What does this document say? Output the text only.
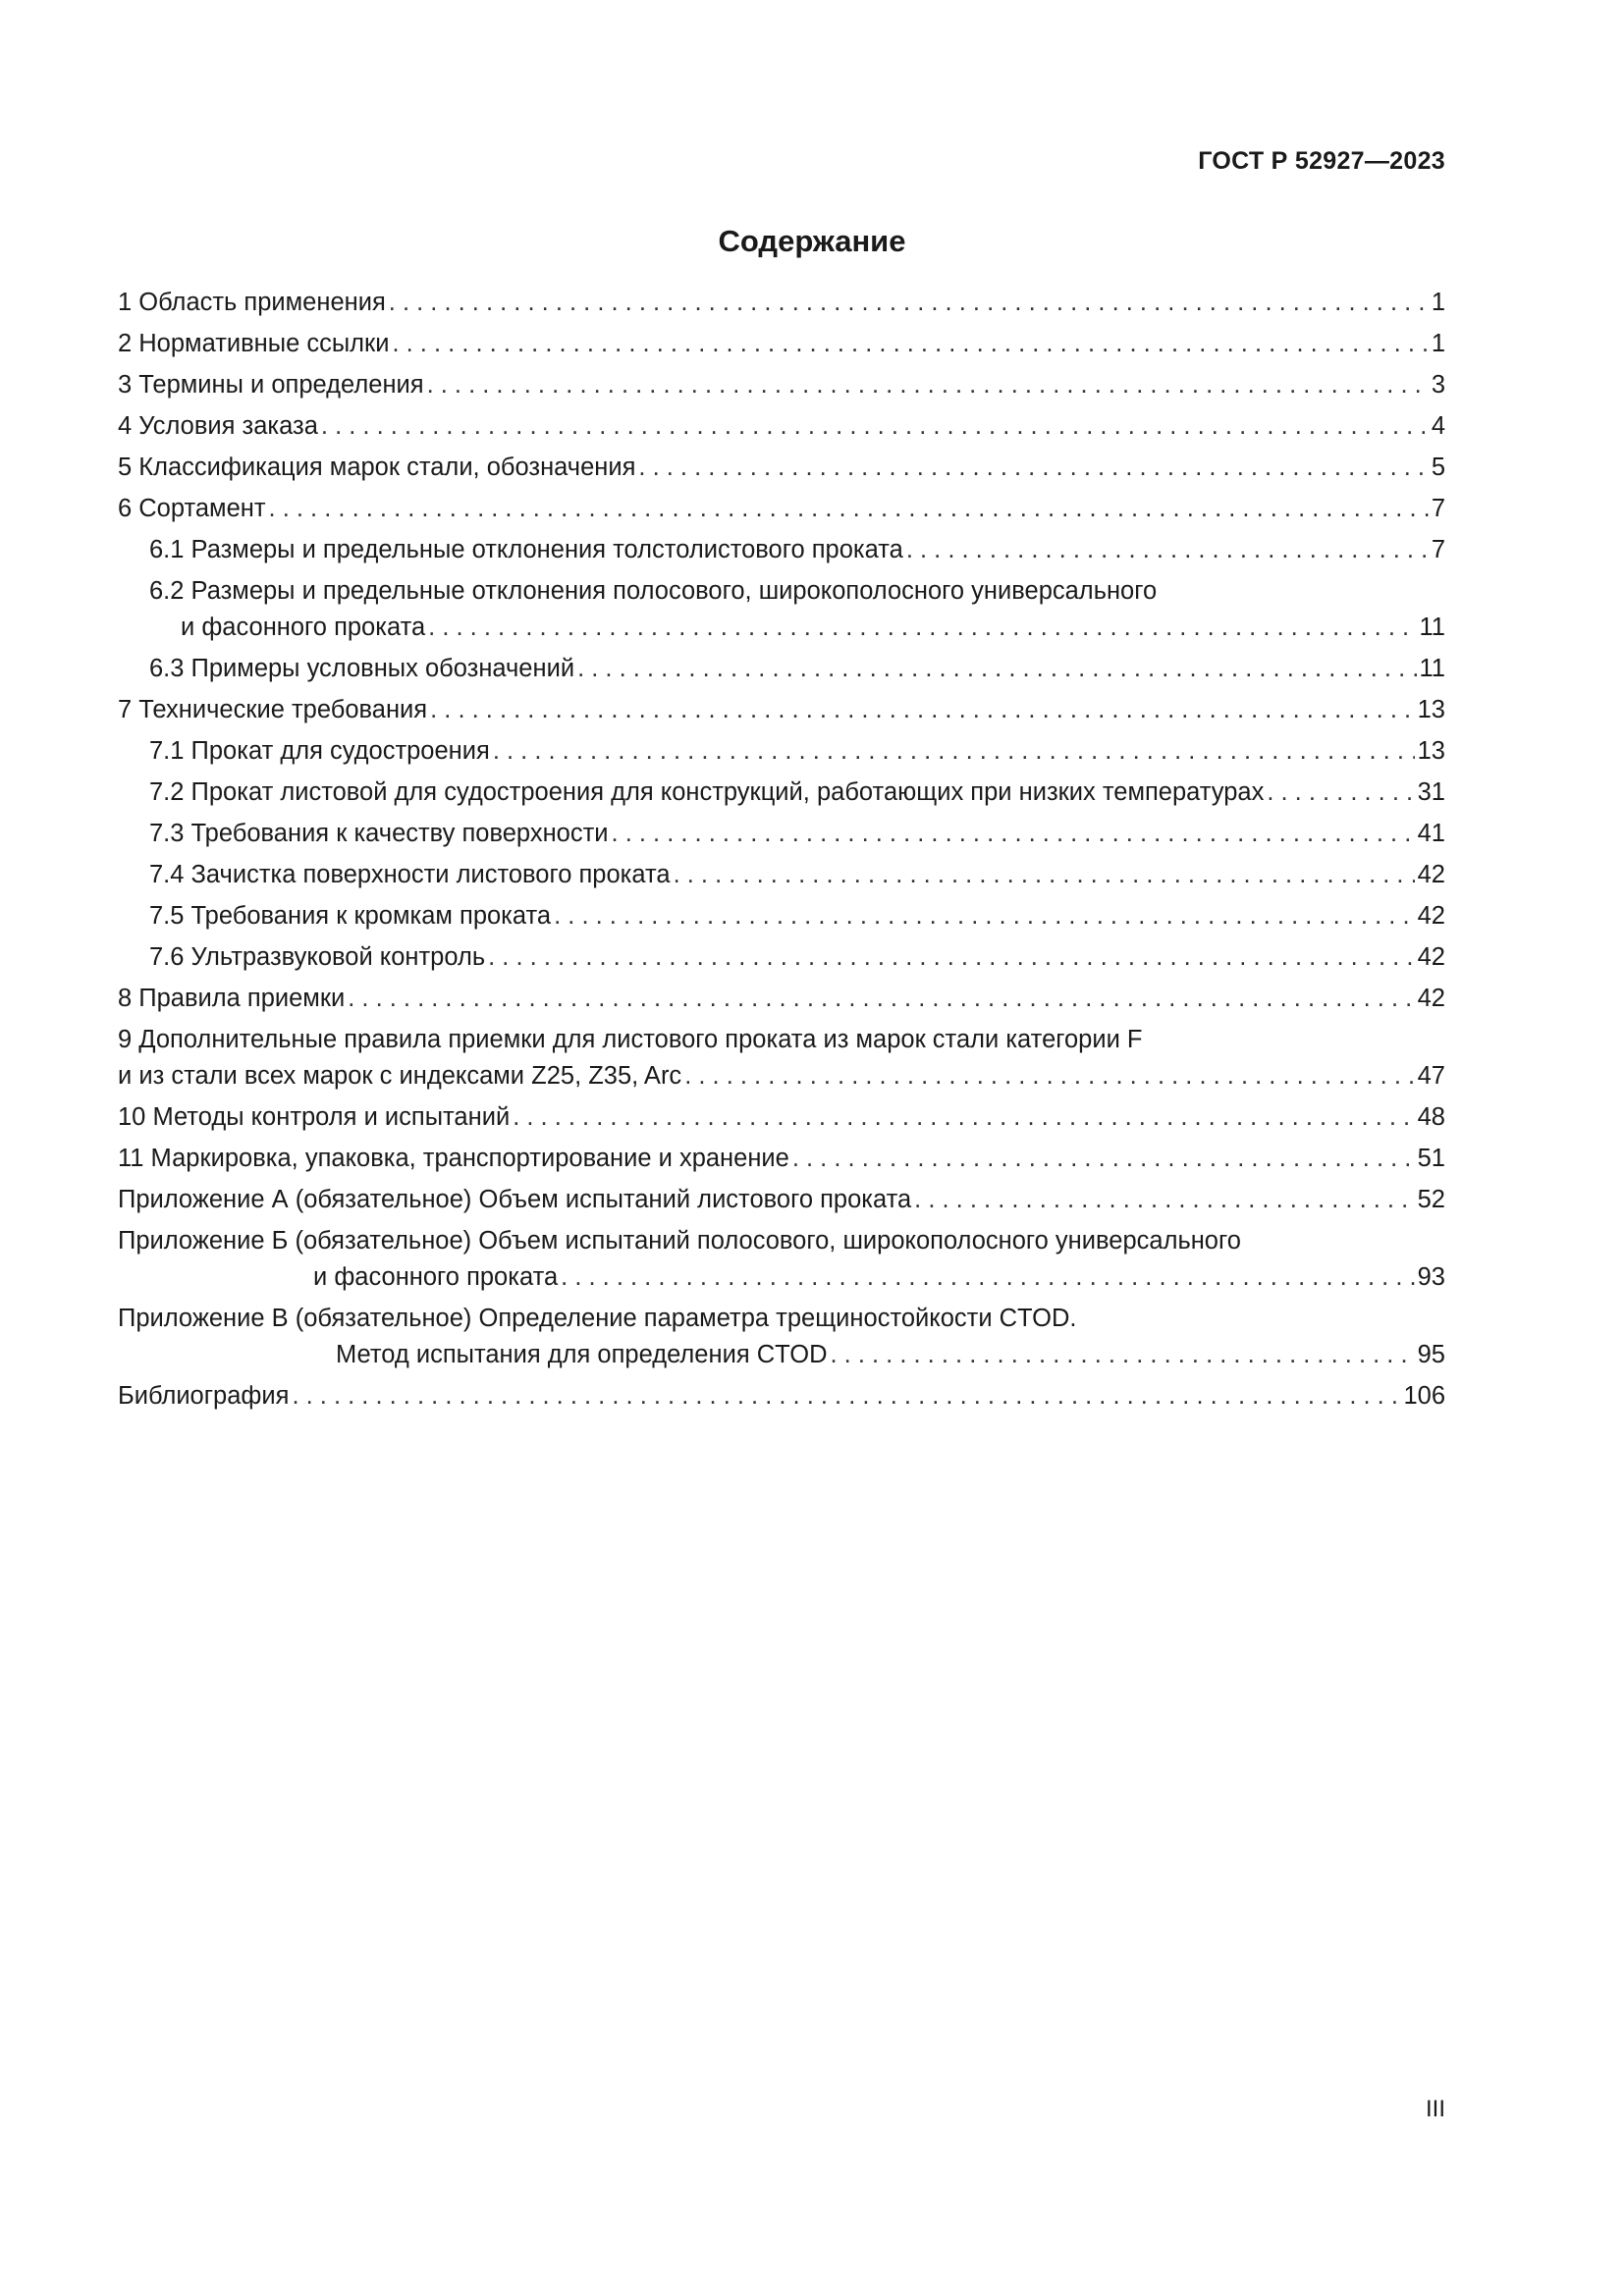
ГОСТ Р 52927—2023
Содержание
1 Область применения . . .	1
2 Нормативные ссылки . . .	1
3 Термины и определения . . .	3
4 Условия заказа . . .	4
5 Классификация марок стали, обозначения . . .	5
6 Сортамент . . .	7
6.1 Размеры и предельные отклонения толстолистового проката . . .	7
6.2 Размеры и предельные отклонения полосового, широкополосного универсального
и фасонного проката . . .	11
6.3 Примеры условных обозначений . . .	11
7 Технические требования . . .	13
7.1 Прокат для судостроения . . .	13
7.2 Прокат листовой для судостроения для конструкций, работающих при низких температурах . . .	31
7.3 Требования к качеству поверхности . . .	41
7.4 Зачистка поверхности листового проката . . .	42
7.5 Требования к кромкам проката . . .	42
7.6 Ультразвуковой контроль . . .	42
8 Правила приемки . . .	42
9 Дополнительные правила приемки для листового проката из марок стали категории F
и из стали всех марок с индексами Z25, Z35, Arc . . .	47
10 Методы контроля и испытаний . . .	48
11 Маркировка, упаковка, транспортирование и хранение . . .	51
Приложение А (обязательное) Объем испытаний листового проката . . .	52
Приложение Б (обязательное) Объем испытаний полосового, широкополосного универсального
и фасонного проката . . .	93
Приложение В (обязательное) Определение параметра трещиностойкости CTOD.
Метод испытания для определения CTOD . . .	95
Библиография . . .	106
III
